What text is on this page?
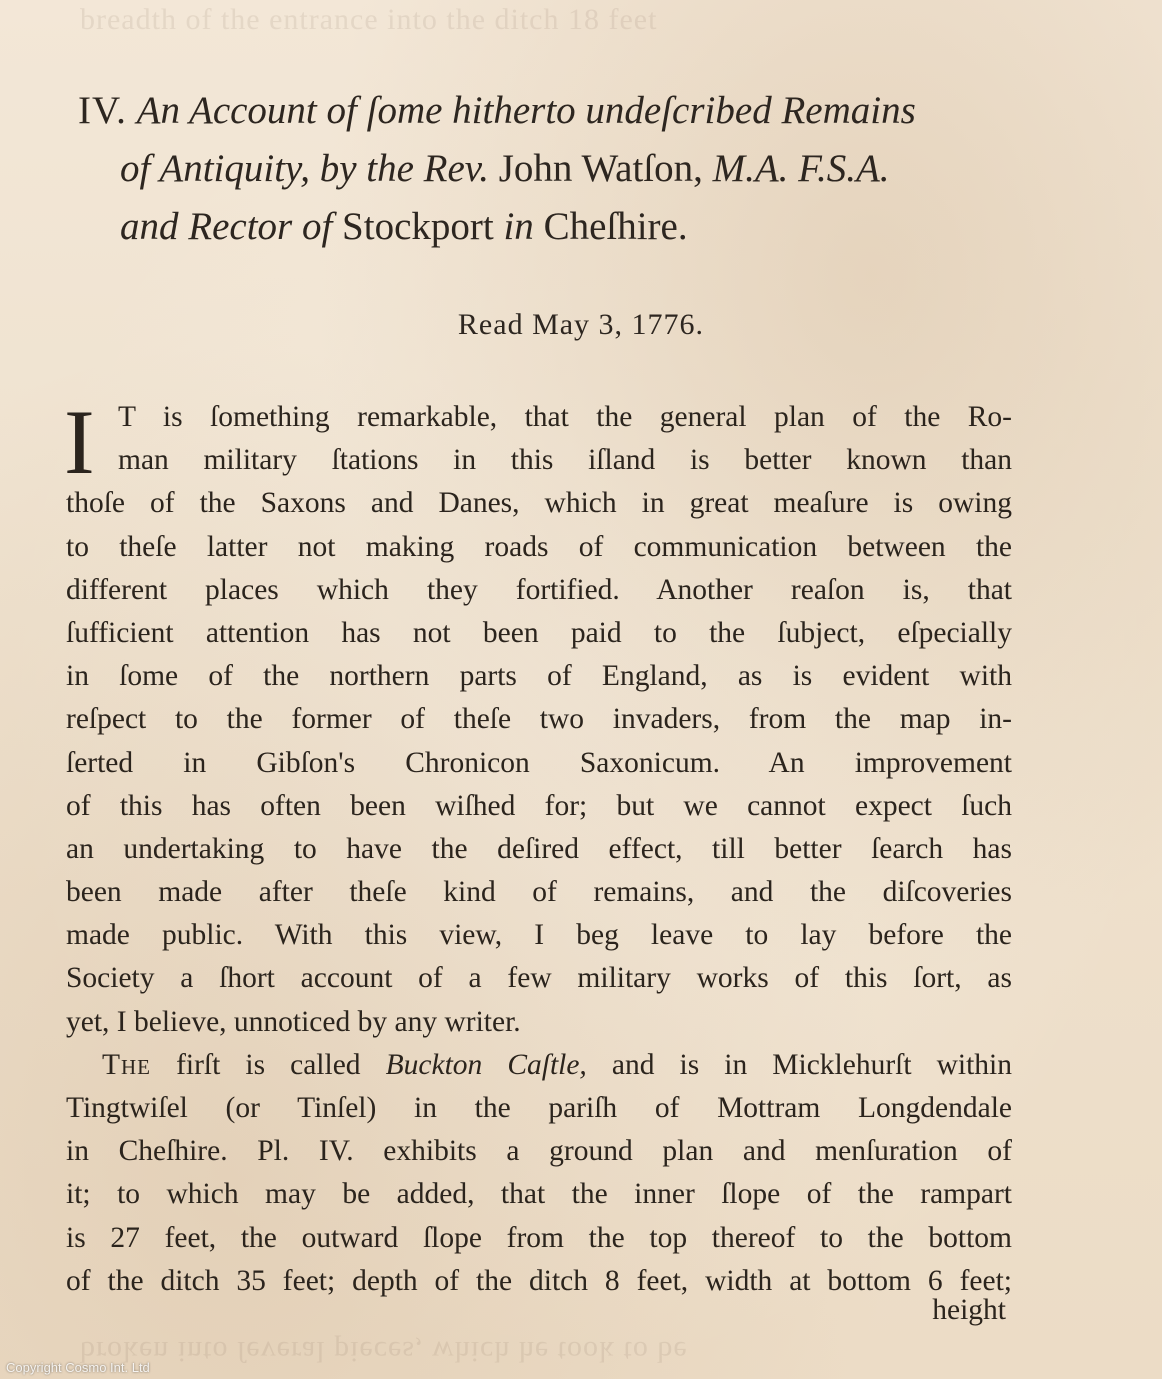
breadth of the entrance into the ditch 18 feet
broken into ſeveral pieces, which he took to be
IV. An Account of ſome hitherto undeſcribed Remains
of Antiquity, by the Rev. John Watſon, M.A. F.S.A.
and Rector of Stockport in Cheſhire.
Read May 3, 1776.
I T is ſomething remarkable, that the general plan of the Ro-
man military ſtations in this iſland is better known than
thoſe of the Saxons and Danes, which in great meaſure is owing
to theſe latter not making roads of communication between the
different places which they fortified. Another reaſon is, that
ſufficient attention has not been paid to the ſubject, eſpecially
in ſome of the northern parts of England, as is evident with
reſpect to the former of theſe two invaders, from the map in-
ſerted in Gibſon's Chronicon Saxonicum. An improvement
of this has often been wiſhed for; but we cannot expect ſuch
an undertaking to have the deſired effect, till better ſearch has
been made after theſe kind of remains, and the diſcoveries
made public. With this view, I beg leave to lay before the
Society a ſhort account of a few military works of this ſort, as
yet, I believe, unnoticed by any writer.
The firſt is called Buckton Caſtle, and is in Micklehurſt within
Tingtwiſel (or Tinſel) in the pariſh of Mottram Longdendale
in Cheſhire. Pl. IV. exhibits a ground plan and menſuration of
it; to which may be added, that the inner ſlope of the rampart
is 27 feet, the outward ſlope from the top thereof to the bottom
of the ditch 35 feet; depth of the ditch 8 feet, width at bottom 6 feet;
height
Copyright Cosmo Int. Ltd
